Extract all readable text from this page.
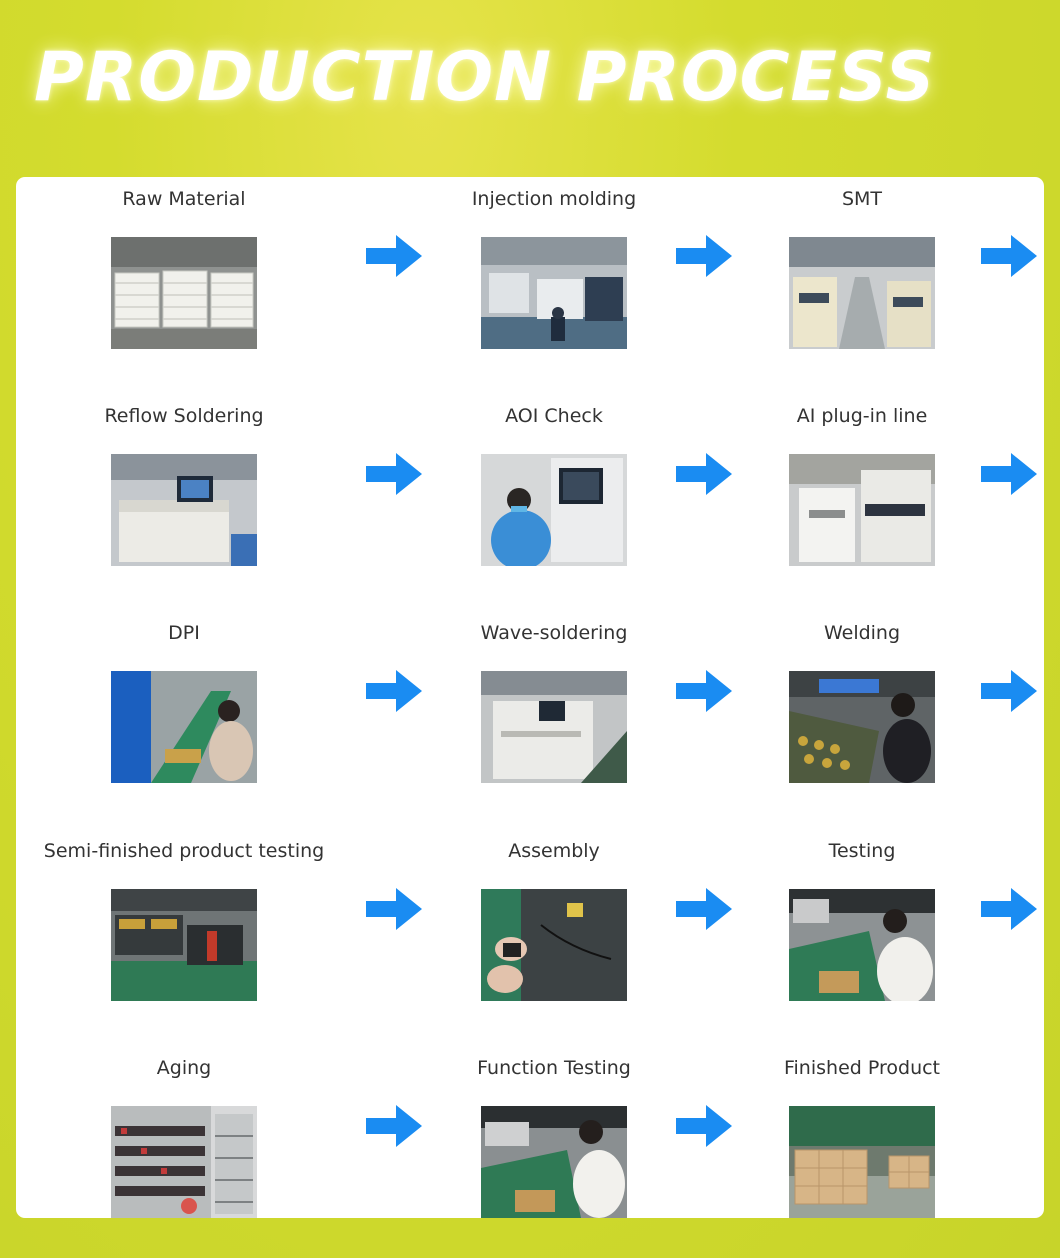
PRODUCTION PROCESS
Raw Material	Injection molding	SMT
Reflow Soldering	AOI Check	AI plug-in line
DPI	Wave-soldering	Welding
Semi-finished product testing	Assembly	Testing
Aging	Function Testing	Finished Product
